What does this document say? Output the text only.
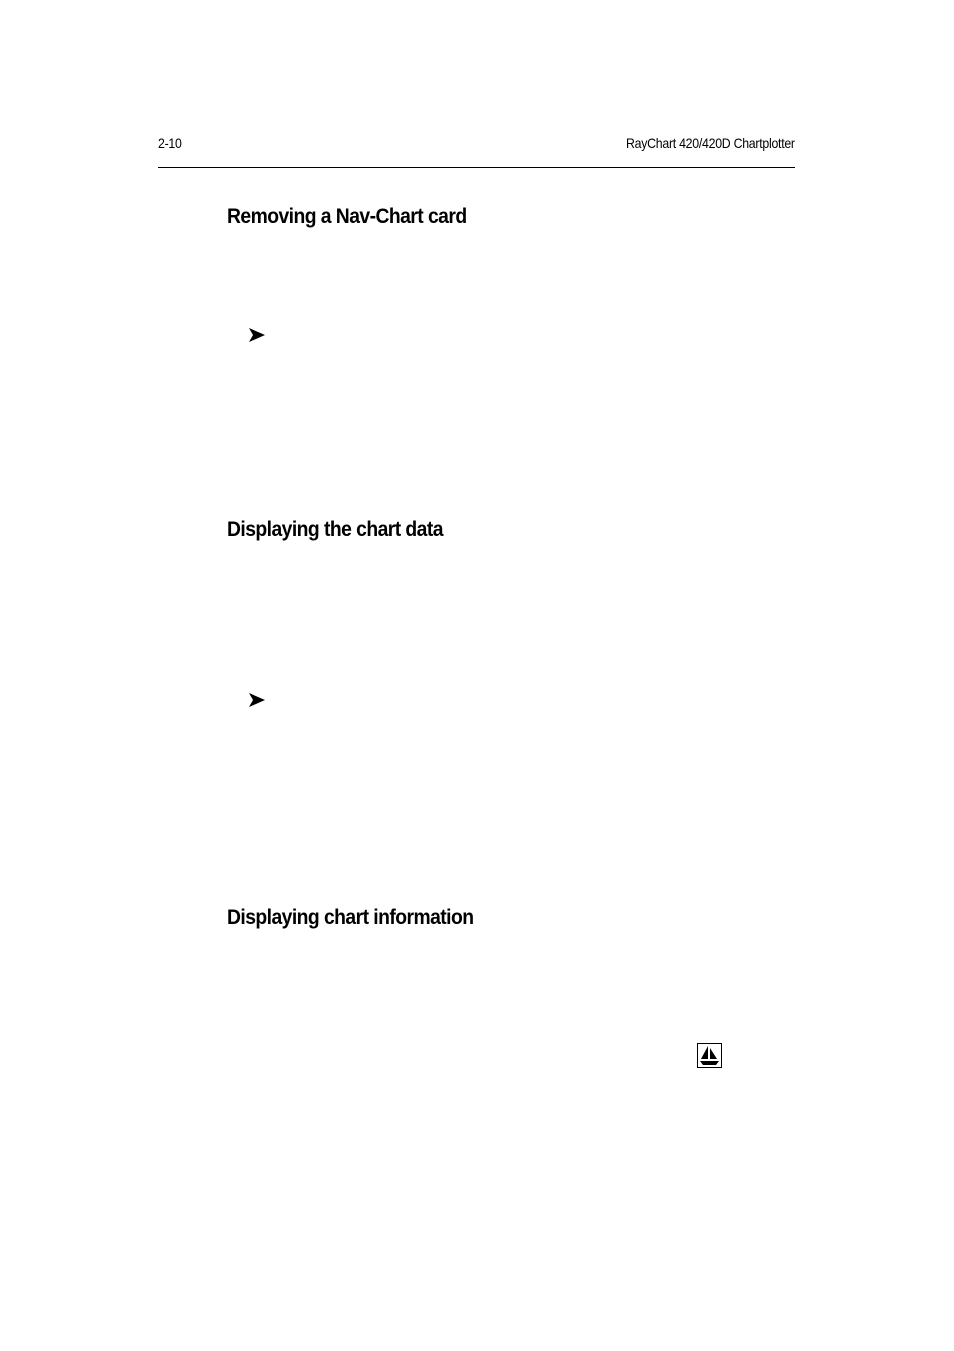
2-10	RayChart 420/420D Chartplotter
Removing a Nav-Chart card
Displaying the chart data
Displaying chart information
